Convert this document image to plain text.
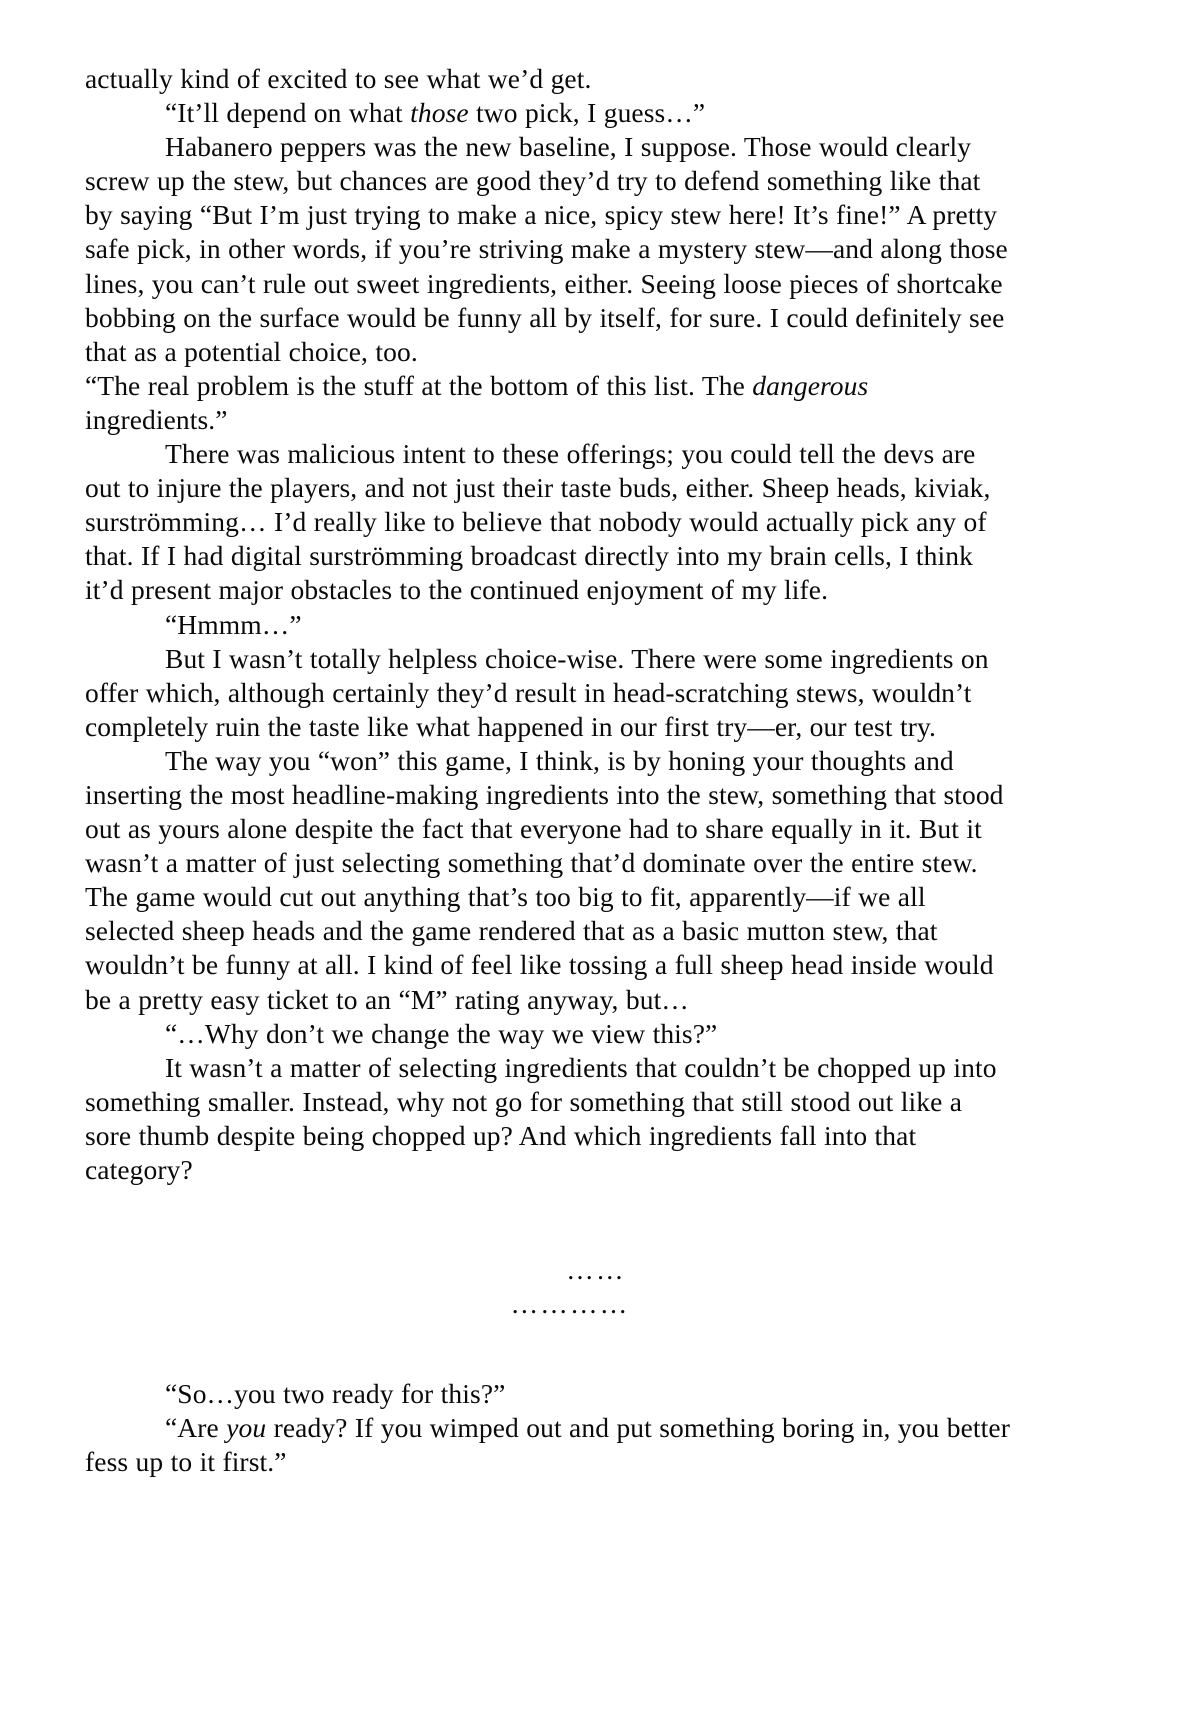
actually kind of excited to see what we’d get.

“It’ll depend on what those two pick, I guess…”

Habanero peppers was the new baseline, I suppose. Those would clearly screw up the stew, but chances are good they’d try to defend something like that by saying “But I’m just trying to make a nice, spicy stew here! It’s fine!” A pretty safe pick, in other words, if you’re striving make a mystery stew—and along those lines, you can’t rule out sweet ingredients, either. Seeing loose pieces of shortcake bobbing on the surface would be funny all by itself, for sure. I could definitely see that as a potential choice, too.

“The real problem is the stuff at the bottom of this list. The dangerous ingredients.”

There was malicious intent to these offerings; you could tell the devs are out to injure the players, and not just their taste buds, either. Sheep heads, kiviak, surströmming… I’d really like to believe that nobody would actually pick any of that. If I had digital surströmming broadcast directly into my brain cells, I think it’d present major obstacles to the continued enjoyment of my life.

“Hmmm…”

But I wasn’t totally helpless choice-wise. There were some ingredients on offer which, although certainly they’d result in head-scratching stews, wouldn’t completely ruin the taste like what happened in our first try—er, our test try.

The way you “won” this game, I think, is by honing your thoughts and inserting the most headline-making ingredients into the stew, something that stood out as yours alone despite the fact that everyone had to share equally in it. But it wasn’t a matter of just selecting something that’d dominate over the entire stew. The game would cut out anything that’s too big to fit, apparently—if we all selected sheep heads and the game rendered that as a basic mutton stew, that wouldn’t be funny at all. I kind of feel like tossing a full sheep head inside would be a pretty easy ticket to an “M” rating anyway, but…

“…Why don’t we change the way we view this?”

It wasn’t a matter of selecting ingredients that couldn’t be chopped up into something smaller. Instead, why not go for something that still stood out like a sore thumb despite being chopped up? And which ingredients fall into that category?

……

…………

“So…you two ready for this?”

“Are you ready? If you wimped out and put something boring in, you better fess up to it first.”
